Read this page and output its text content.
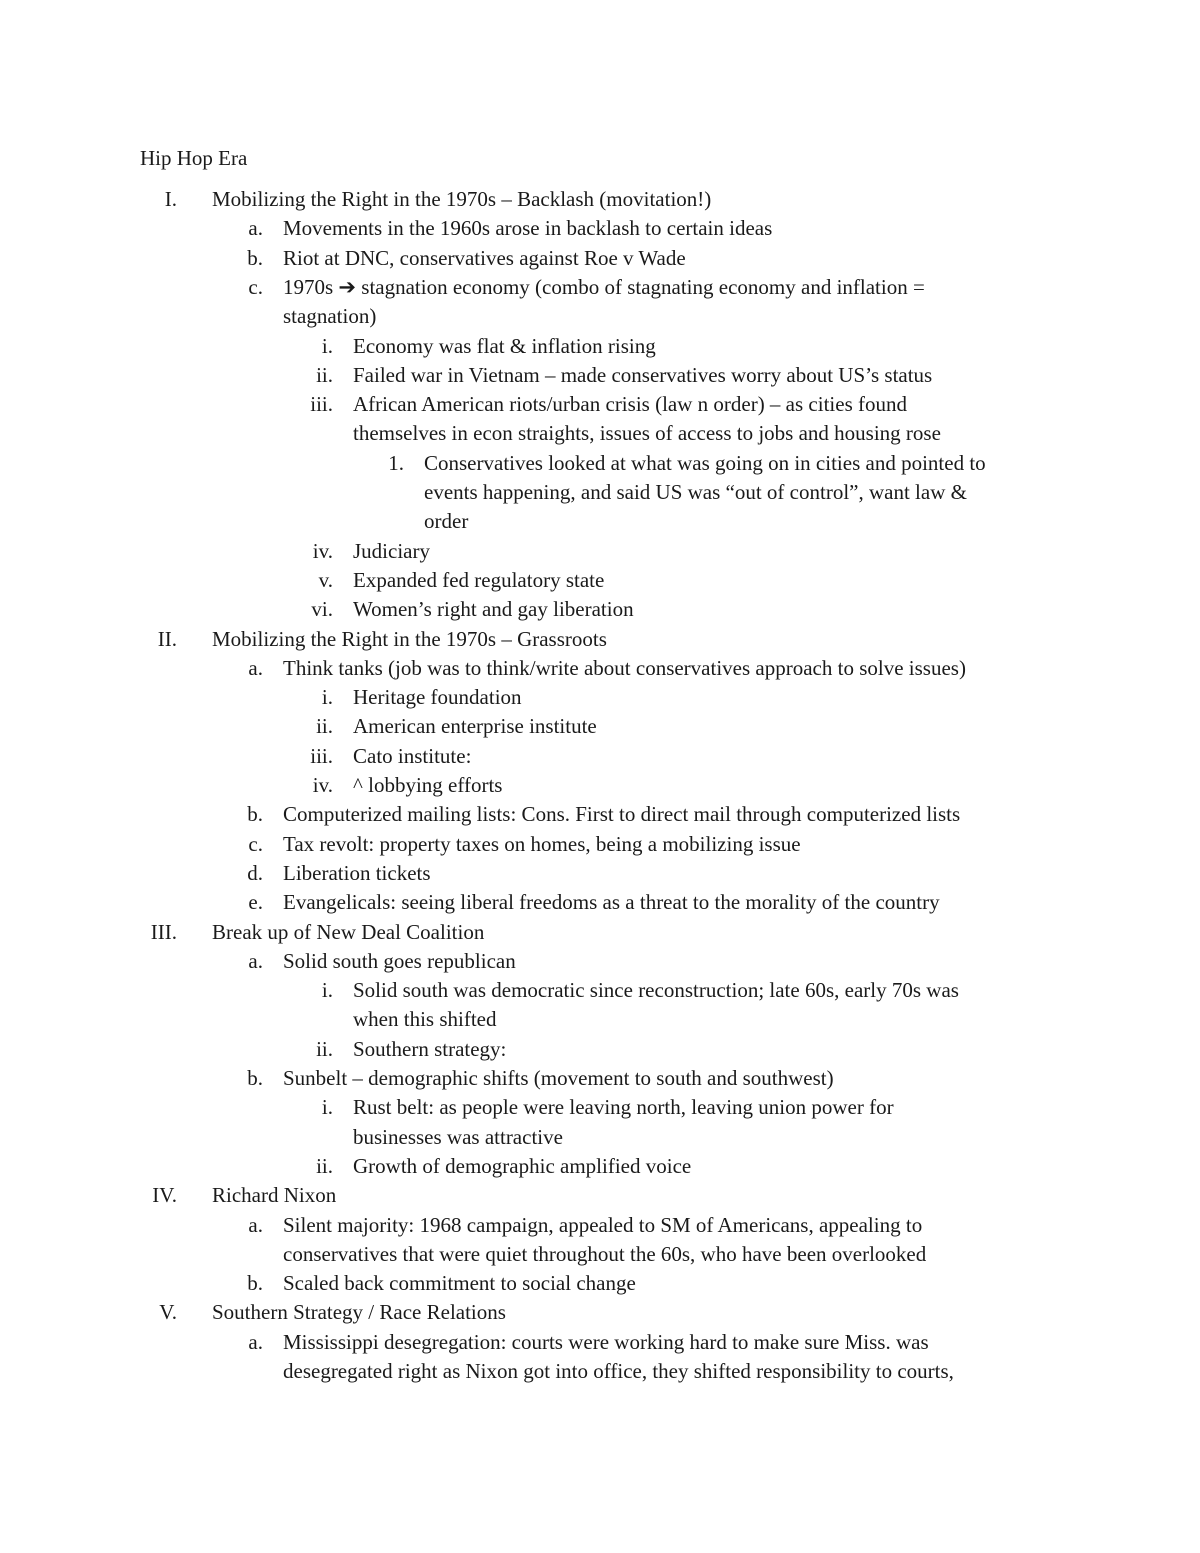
Hip Hop Era
I. Mobilizing the Right in the 1970s – Backlash (movitation!)
a. Movements in the 1960s arose in backlash to certain ideas
b. Riot at DNC, conservatives against Roe v Wade
c. 1970s ➔ stagnation economy (combo of stagnating economy and inflation =
stagnation)
i. Economy was flat & inflation rising
ii. Failed war in Vietnam – made conservatives worry about US’s status
iii. African American riots/urban crisis (law n order) – as cities found
themselves in econ straights, issues of access to jobs and housing rose
1. Conservatives looked at what was going on in cities and pointed to
events happening, and said US was “out of control”, want law &
order
iv. Judiciary
v. Expanded fed regulatory state
vi. Women’s right and gay liberation
II. Mobilizing the Right in the 1970s – Grassroots
a. Think tanks (job was to think/write about conservatives approach to solve issues)
i. Heritage foundation
ii. American enterprise institute
iii. Cato institute:
iv. ^ lobbying efforts
b. Computerized mailing lists: Cons. First to direct mail through computerized lists
c. Tax revolt: property taxes on homes, being a mobilizing issue
d. Liberation tickets
e. Evangelicals: seeing liberal freedoms as a threat to the morality of the country
III. Break up of New Deal Coalition
a. Solid south goes republican
i. Solid south was democratic since reconstruction; late 60s, early 70s was
when this shifted
ii. Southern strategy:
b. Sunbelt – demographic shifts (movement to south and southwest)
i. Rust belt: as people were leaving north, leaving union power for
businesses was attractive
ii. Growth of demographic amplified voice
IV. Richard Nixon
a. Silent majority: 1968 campaign, appealed to SM of Americans, appealing to
conservatives that were quiet throughout the 60s, who have been overlooked
b. Scaled back commitment to social change
V. Southern Strategy / Race Relations
a. Mississippi desegregation: courts were working hard to make sure Miss. was
desegregated right as Nixon got into office, they shifted responsibility to courts,
